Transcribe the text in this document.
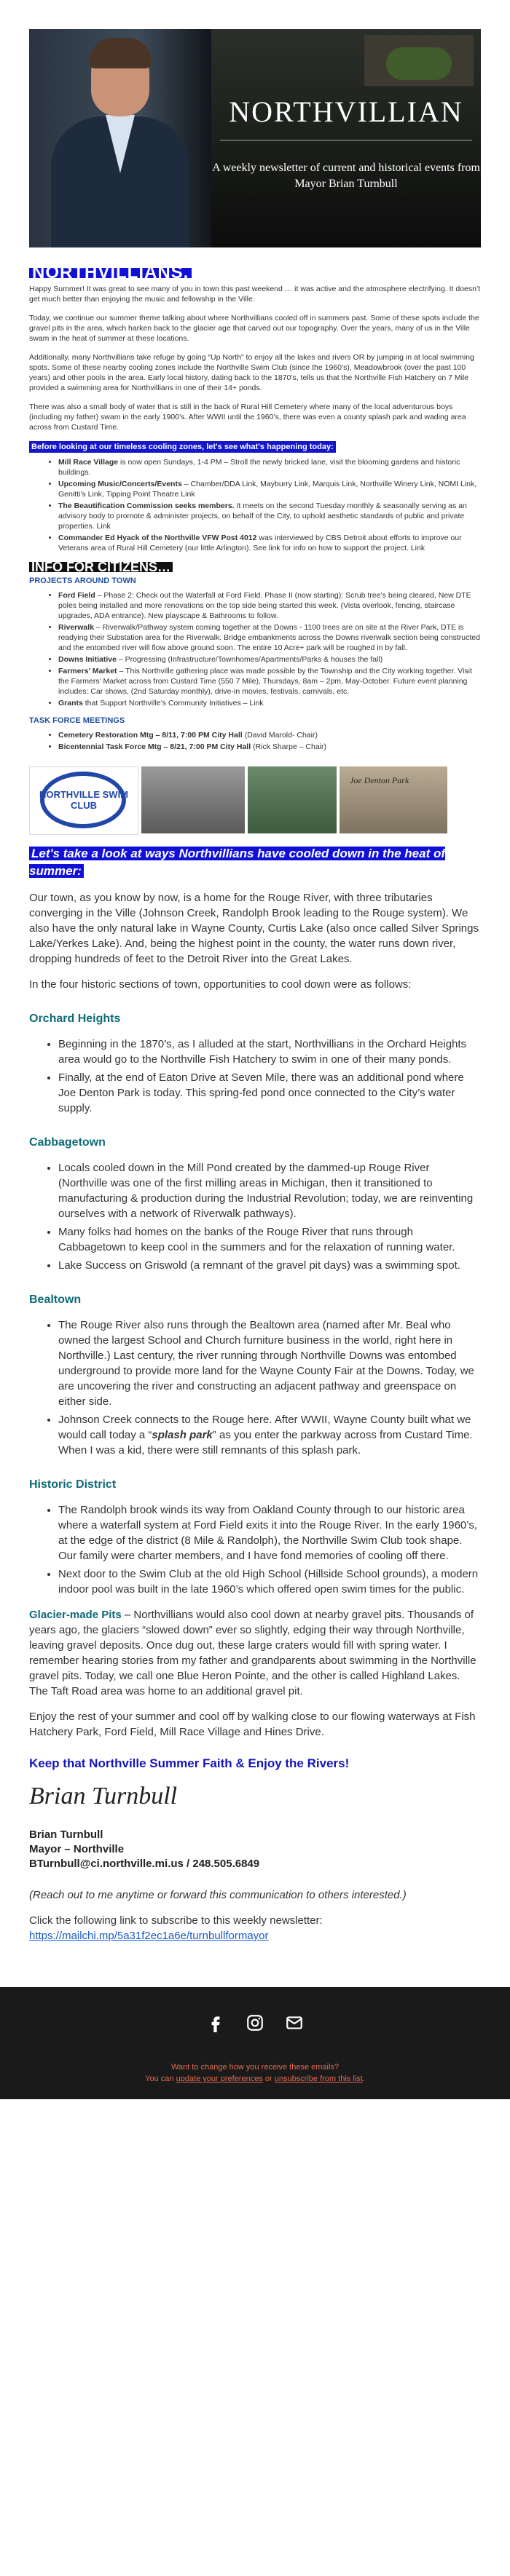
NORTHVILLIAN
A weekly newsletter of current and historical events from Mayor Brian Turnbull
NORTHVILLIANS,

Happy Summer! It was great to see many of you in town this past weekend … it was active and the atmosphere electrifying. It doesn’t get much better than enjoying the music and fellowship in the Ville.

Today, we continue our summer theme talking about where Northvillians cooled off in summers past. Some of these spots include the gravel pits in the area, which harken back to the glacier age that carved out our topography. Over the years, many of us in the Ville swam in the heat of summer at these locations.

Additionally, many Northvillians take refuge by going “Up North” to enjoy all the lakes and rivers OR by jumping in at local swimming spots. Some of these nearby cooling zones include the Northville Swim Club (since the 1960’s), Meadowbrook (over the past 100 years) and other pools in the area. Early local history, dating back to the 1870’s, tells us that the Northville Fish Hatchery on 7 Mile provided a swimming area for Northvillians in one of their 14+ ponds.

There was also a small body of water that is still in the back of Rural Hill Cemetery where many of the local adventurous boys (including my father) swam in the early 1900’s. After WWII until the 1960’s, there was even a county splash park and wading area across from Custard Time.

Before looking at our timeless cooling zones, let's see what's happening today:
• Mill Race Village is now open Sundays, 1-4 PM – Stroll the newly bricked lane, visit the blooming gardens and historic buildings.
• Upcoming Music/Concerts/Events – Chamber/DDA Link, Mayburry Link, Marquis Link, Northville Winery Link, NOMI Link, Genitti’s Link, Tipping Point Theatre Link
• The Beautification Commission seeks members. It meets on the second Tuesday monthly & seasonally serving as an advisory body to promote & administer projects, on behalf of the City, to uphold aesthetic standards of public and private properties. Link
• Commander Ed Hyack of the Northville VFW Post 4012 was interviewed by CBS Detroit about efforts to improve our Veterans area of Rural Hill Cemetery (our little Arlington). See link for info on how to support the project. Link
INFO FOR CITIZENS…
PROJECTS AROUND TOWN
• Ford Field – Phase 2: Check out the Waterfall at Ford Field. Phase II (now starting): Scrub tree’s being cleared, New DTE poles being installed and more renovations on the top side being started this week. (Vista overlook, fencing, staircase upgrades, ADA entrance). New playscape & Bathrooms to follow.
• Riverwalk – Riverwalk/Pathway system coming together at the Downs - 1100 trees are on site at the River Park, DTE is readying their Substation area for the Riverwalk. Bridge embankments across the Downs riverwalk section being constructed and the entombed river will flow above ground soon. The entire 10 Acre+ park will be roughed in by fall.
• Downs Initiative – Progressing (Infrastructure/Townhomes/Apartments/Parks & houses the fall)
• Farmers’ Market – This Northville gathering place was made possible by the Township and the City working together. Visit the Farmers’ Market across from Custard Time (550 7 Mile), Thursdays, 8am – 2pm, May-October. Future event planning includes: Car shows, (2nd Saturday monthly), drive-in movies, festivals, carnivals, etc.
• Grants that Support Northville’s Community Initiatives – Link
TASK FORCE MEETINGS
• Cemetery Restoration Mtg – 8/11, 7:00 PM City Hall (David Marold- Chair)
• Bicentennial Task Force Mtg – 8/21, 7:00 PM City Hall (Rick Sharpe – Chair)
NORTHVILLE SWIM CLUB
Joe Denton Park
Let's take a look at ways Northvillians have cooled down in the heat of summer:

Our town, as you know by now, is a home for the Rouge River, with three tributaries converging in the Ville (Johnson Creek, Randolph Brook leading to the Rouge system). We also have the only natural lake in Wayne County, Curtis Lake (also once called Silver Springs Lake/Yerkes Lake). And, being the highest point in the county, the water runs down river, dropping hundreds of feet to the Detroit River into the Great Lakes.

In the four historic sections of town, opportunities to cool down were as follows:

Orchard Heights
• Beginning in the 1870’s, as I alluded at the start, Northvillians in the Orchard Heights area would go to the Northville Fish Hatchery to swim in one of their many ponds.
• Finally, at the end of Eaton Drive at Seven Mile, there was an additional pond where Joe Denton Park is today. This spring-fed pond once connected to the City’s water supply.
Cabbagetown
• Locals cooled down in the Mill Pond created by the dammed-up Rouge River (Northville was one of the first milling areas in Michigan, then it transitioned to manufacturing & production during the Industrial Revolution; today, we are reinventing ourselves with a network of Riverwalk pathways).
• Many folks had homes on the banks of the Rouge River that runs through Cabbagetown to keep cool in the summers and for the relaxation of running water.
• Lake Success on Griswold (a remnant of the gravel pit days) was a swimming spot.
Bealtown
• The Rouge River also runs through the Bealtown area (named after Mr. Beal who owned the largest School and Church furniture business in the world, right here in Northville.) Last century, the river running through Northville Downs was entombed underground to provide more land for the Wayne County Fair at the Downs. Today, we are uncovering the river and constructing an adjacent pathway and greenspace on either side.
• Johnson Creek connects to the Rouge here. After WWII, Wayne County built what we would call today a “splash park” as you enter the parkway across from Custard Time. When I was a kid, there were still remnants of this splash park.
Historic District
• The Randolph brook winds its way from Oakland County through to our historic area where a waterfall system at Ford Field exits it into the Rouge River. In the early 1960’s, at the edge of the district (8 Mile & Randolph), the Northville Swim Club took shape. Our family were charter members, and I have fond memories of cooling off there.
• Next door to the Swim Club at the old High School (Hillside School grounds), a modern indoor pool was built in the late 1960’s which offered open swim times for the public.

Glacier-made Pits – Northvillians would also cool down at nearby gravel pits. Thousands of years ago, the glaciers “slowed down” ever so slightly, edging their way through Northville, leaving gravel deposits. Once dug out, these large craters would fill with spring water. I remember hearing stories from my father and grandparents about swimming in the Northville gravel pits. Today, we call one Blue Heron Pointe, and the other is called Highland Lakes. The Taft Road area was home to an additional gravel pit.

Enjoy the rest of your summer and cool off by walking close to our flowing waterways at Fish Hatchery Park, Ford Field, Mill Race Village and Hines Drive.

Keep that Northville Summer Faith & Enjoy the Rivers!
Brian Turnbull
Brian Turnbull
Mayor – Northville
BTurnbull@ci.northville.mi.us / 248.505.6849
(Reach out to me anytime or forward this communication to others interested.)
Click the following link to subscribe to this weekly newsletter:
https://mailchi.mp/5a31f2ec1a6e/turnbullformayor
Want to change how you receive these emails?
You can update your preferences or unsubscribe from this list.
